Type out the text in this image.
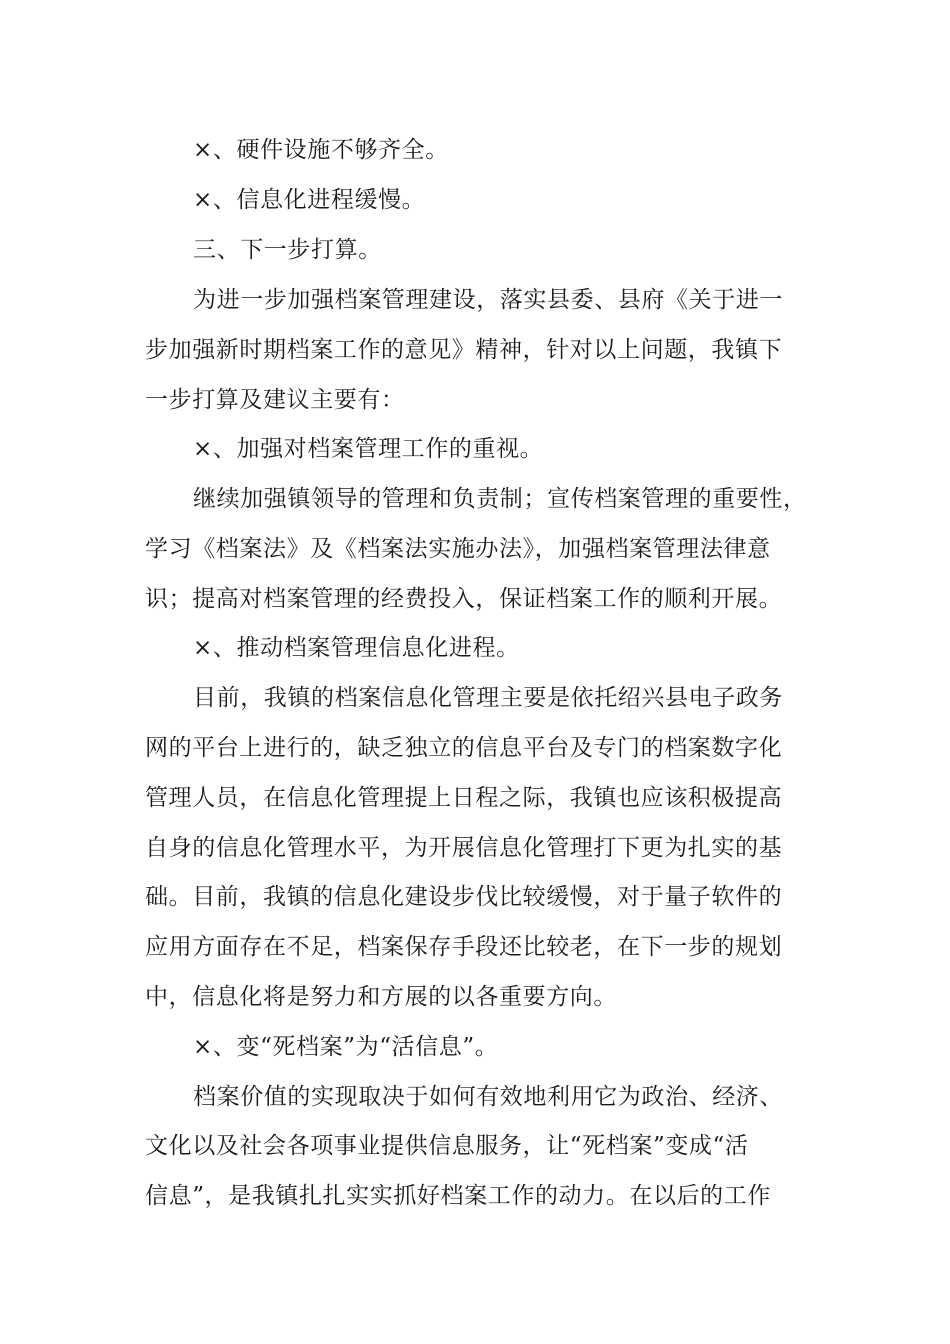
×、硬件设施不够齐全。
×、信息化进程缓慢。
三、下一步打算。
为进一步加强档案管理建设，落实县委、县府《关于进一
步加强新时期档案工作的意见》精神，针对以上问题，我镇下
一步打算及建议主要有：
×、加强对档案管理工作的重视。
继续加强镇领导的管理和负责制；宣传档案管理的重要性，
学习《档案法》及《档案法实施办法》，加强档案管理法律意
识；提高对档案管理的经费投入，保证档案工作的顺利开展。
×、推动档案管理信息化进程。
目前，我镇的档案信息化管理主要是依托绍兴县电子政务
网的平台上进行的，缺乏独立的信息平台及专门的档案数字化
管理人员，在信息化管理提上日程之际，我镇也应该积极提高
自身的信息化管理水平，为开展信息化管理打下更为扎实的基
础。目前，我镇的信息化建设步伐比较缓慢，对于量子软件的
应用方面存在不足，档案保存手段还比较老，在下一步的规划
中，信息化将是努力和方展的以各重要方向。
×、变“死档案”为“活信息”。
档案价值的实现取决于如何有效地利用它为政治、经济、
文化以及社会各项事业提供信息服务，让“死档案”变成“活
信息”，是我镇扎扎实实抓好档案工作的动力。在以后的工作
